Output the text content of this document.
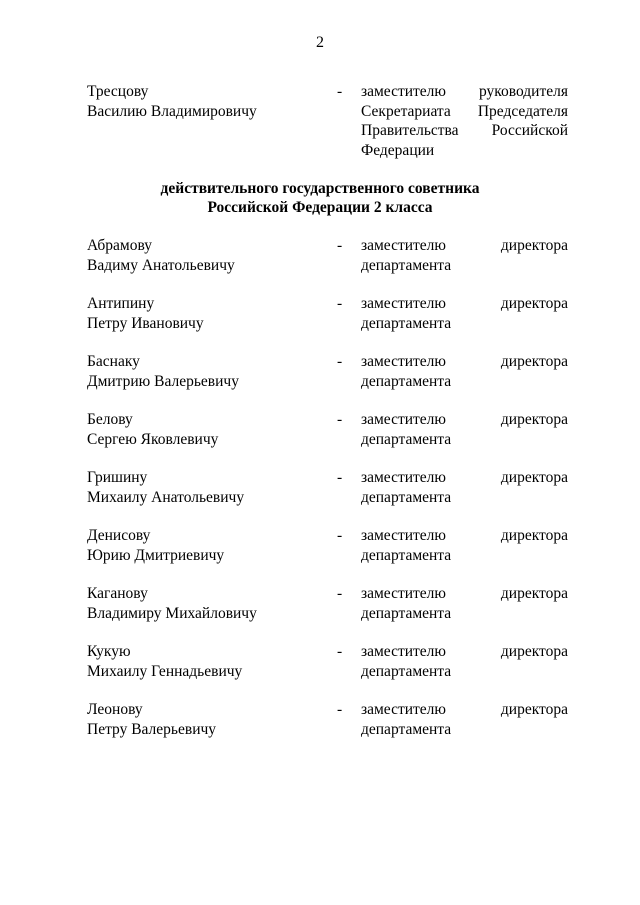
2
Тресцову
Василию Владимировичу
- заместителю руководителя
Секретариата Председателя
Правительства Российской
Федерации
действительного государственного советника
Российской Федерации 2 класса
Абрамову
Вадиму Анатольевичу
- заместителю директора
департамента
Антипину
Петру Ивановичу
- заместителю директора
департамента
Баснаку
Дмитрию Валерьевичу
- заместителю директора
департамента
Белову
Сергею Яковлевичу
- заместителю директора
департамента
Гришину
Михаилу Анатольевичу
- заместителю директора
департамента
Денисову
Юрию Дмитриевичу
- заместителю директора
департамента
Каганову
Владимиру Михайловичу
- заместителю директора
департамента
Кукую
Михаилу Геннадьевичу
- заместителю директора
департамента
Леонову
Петру Валерьевичу
- заместителю директора
департамента
